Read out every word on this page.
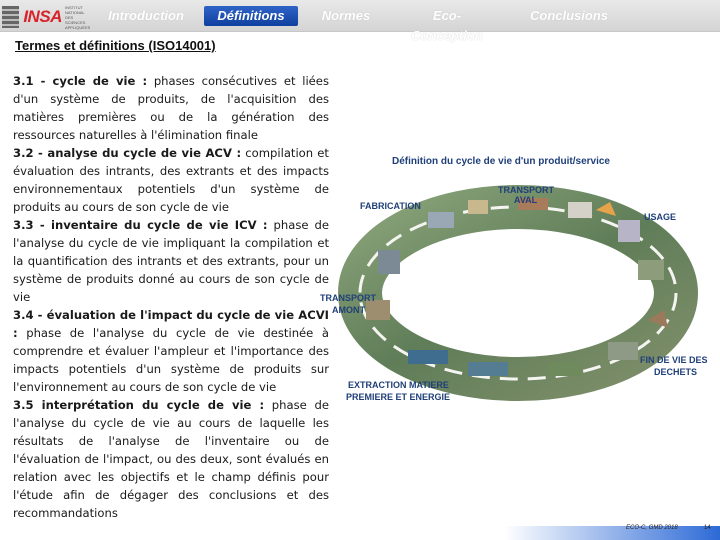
INSA INSTITUT NATIONAL DES SCIENCES APPLIQUÉES
Introduction	Définitions	Normes	Eco-Conception
Conclusions
Termes et définitions (ISO14001)

3.1 - cycle de vie : phases consécutives et liées d'un système de produits, de l'acquisition des matières premières ou de la génération des ressources naturelles à l'élimination finale

3.2 - analyse du cycle de vie ACV : compilation et évaluation des intrants, des extrants et des impacts environnementaux potentiels d'un système de produits au cours de son cycle de vie

3.3 - inventaire du cycle de vie ICV : phase de l'analyse du cycle de vie impliquant la compilation et la quantification des intrants et des extrants, pour un système de produits donné au cours de son cycle de vie

3.4 - évaluation de l'impact du cycle de vie ACVI : phase de l'analyse du cycle de vie destinée à comprendre et évaluer l'ampleur et l'importance des impacts potentiels d'un système de produits sur l'environnement au cours de son cycle de vie

3.5 interprétation du cycle de vie : phase de l'analyse du cycle de vie au cours de laquelle les résultats de l'analyse de l'inventaire ou de l'évaluation de l'impact, ou des deux, sont évalués en relation avec les objectifs et le champ définis pour l'étude afin de dégager des conclusions et des recommandations

Définition du cycle de vie d'un produit/service
FABRICATION
TRANSPORT
AVAL
USAGE
TRANSPORT
AMONT
FIN DE VIE DES
DECHETS
EXTRACTION MATIERE
PREMIERE ET ENERGIE
ECO-C, GMD 2018	14
